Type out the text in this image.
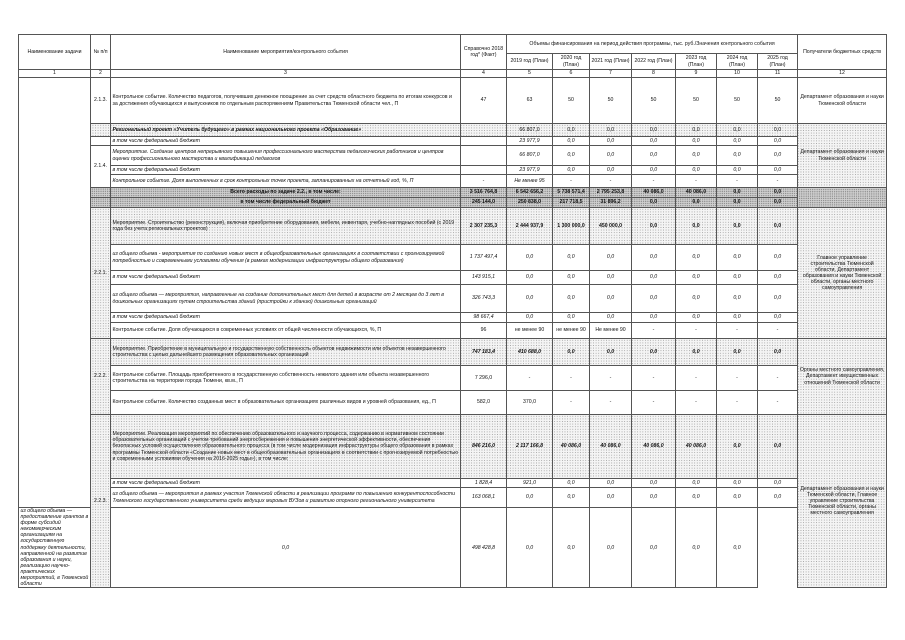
Наименование задачи	№ п/п	Наименование мероприятия/контрольного события	Справочно 2018 год* (Факт)	Объемы финансирования на период действия программы, тыс. руб./Значения контрольного события							Получатели бюджетных средств
				2019 год (План)	2020 год (План)	2021 год (План)	2022 год (План)	2023 год (План)	2024 год (План)	2025 год (План)	
1	2	3	4	5	6	7	8	9	10	11	12
	2.1.3.	Контрольное событие. Количество педагогов, получивших денежное поощрение за счет средств областного бюджета по итогам конкурсов и за достижения обучающихся и выпускников по отдельным распоряжениям Правительства Тюменской области чел., П	47	63	50	50	50	50	50	50	Департамент образования и науки Тюменской области
		Региональный проект «Учитель будущего» в рамках национального проекта «Образование»		66 807,0	0,0	0,0	0,0	0,0	0,0	0,0	Департамент образования и науки Тюменской области
		в том числе федеральный бюджет		23 977,9	0,0	0,0	0,0	0,0	0,0	0,0	
	2.1.4.	Мероприятие. Создание центров непрерывного повышения профессионального мастерства педагогических работников и центров оценки профессионального мастерства и квалификаций педагогов		66 807,0	0,0	0,0	0,0	0,0	0,0	0,0	
		в том числе федеральный бюджет		23 977,9	0,0	0,0	0,0	0,0	0,0	0,0	
		Контрольное событие. Доля выполненных в срок контрольных точек проекта, запланированных на отчетный год, %, П	-	Не менее 95	-	-	-	-	-	-	
		Всего расходы по задаче 2.2., в том числе:	3 516 764,8	6 542 656,2	5 738 571,4	2 795 253,8	40 086,0	40 086,0	0,0	0,0	
		в том числе федеральный бюджет	245 144,0	250 838,0	217 718,5	31 896,2	0,0	0,0	0,0	0,0	
	2.2.1.	Мероприятие. Строительство (реконструкция), включая приобретение оборудования, мебели, инвентаря, учебно-наглядных пособий (с 2019 года без учета региональных проектов)	2 307 235,3	2 444 937,9	1 300 000,0	450 000,0	0,0	0,0	0,0	0,0	Главное управление строительства Тюменской области, Департамент образования и науки Тюменской области, органы местного самоуправления
		из общего объема - мероприятия по созданию новых мест в общеобразовательных организациях в соответствии с прогнозируемой потребностью и современными условиями обучения (в рамках модернизации инфраструктуры общего образования)	1 737 497,4	0,0	0,0	0,0	0,0	0,0	0,0	0,0	
		в том числе федеральный бюджет	143 915,1	0,0	0,0	0,0	0,0	0,0	0,0	0,0	
		из общего объема — мероприятия, направленные на создание дополнительных мест для детей в возрасте от 2 месяцев до 3 лет в дошкольных организациях путем строительства зданий (пристройки к зданию) дошкольных организаций	326 743,3	0,0	0,0	0,0	0,0	0,0	0,0	0,0	
		в том числе федеральный бюджет	98 667,4	0,0	0,0	0,0	0,0	0,0	0,0	0,0	
		Контрольное событие. Доля обучающихся в современных условиях от общей численности обучающихся, %, П	96	не менее 90	не менее 90	Не менее 90	-	-	-	-	
	2.2.2.	Мероприятие. Приобретение в муниципальную и государственную собственность объектов недвижимости или объектов незавершенного строительства с целью дальнейшего размещения образовательных организаций	747 183,4	410 688,0	0,0	0,0	0,0	0,0	0,0	0,0	Органы местного самоуправления, Департамент имущественных отношений Тюменской области
		Контрольное событие. Площадь приобретенного в государственную собственность нежилого здания или объекта незавершенного строительства на территории города Тюмени, кв.м., П	7 296,0	-	-	-	-	-	-	-	
		Контрольное событие. Количество созданных мест в образовательных организациях различных видов и уровней образования, ед., П	582,0	370,0	-	-	-	-	-	-	
	2.2.3.	Мероприятие. Реализация мероприятий по обеспечению образовательного и научного процесса, содержанию в нормативном состоянии образовательных организаций с учетом требований энергосбережения и повышения энергетической эффективности, обеспечения безопасных условий осуществления образовательного процесса (в том числе модернизация инфраструктуры общего образования в рамках программы Тюменской области «Создание новых мест в общеобразовательных организациях в соответствии с прогнозируемой потребностью и современными условиями обучения на 2016-2025 годы»), в том числе:	846 216,0	2 117 166,8	40 086,0	40 086,0	40 086,0	40 086,0	0,0	0,0	Департамент образования и науки Тюменской области, Главное управление строительства Тюменской области, органы местного самоуправления
		в том числе федеральный бюджет	1 828,4	921,0	0,0	0,0	0,0	0,0	0,0	0,0	
		из общего объема — мероприятия в рамках участия Тюменской области в реализации программ по повышению конкурентоспособности Тюменского государственного университета среди ведущих мировых ВУЗов и развитию опорного регионального университета	163 068,1	0,0	0,0	0,0	0,0	0,0	0,0	0,0	
из общего объема — предоставление грантов в форме субсидий некоммерческим организациям на государственную поддержку деятельности, направленной на развитие образования и науки, реализацию научно-практических мероприятий, в Тюменской области		0,0	498 428,8	0,0	0,0	0,0	0,0	0,0	0,0		
